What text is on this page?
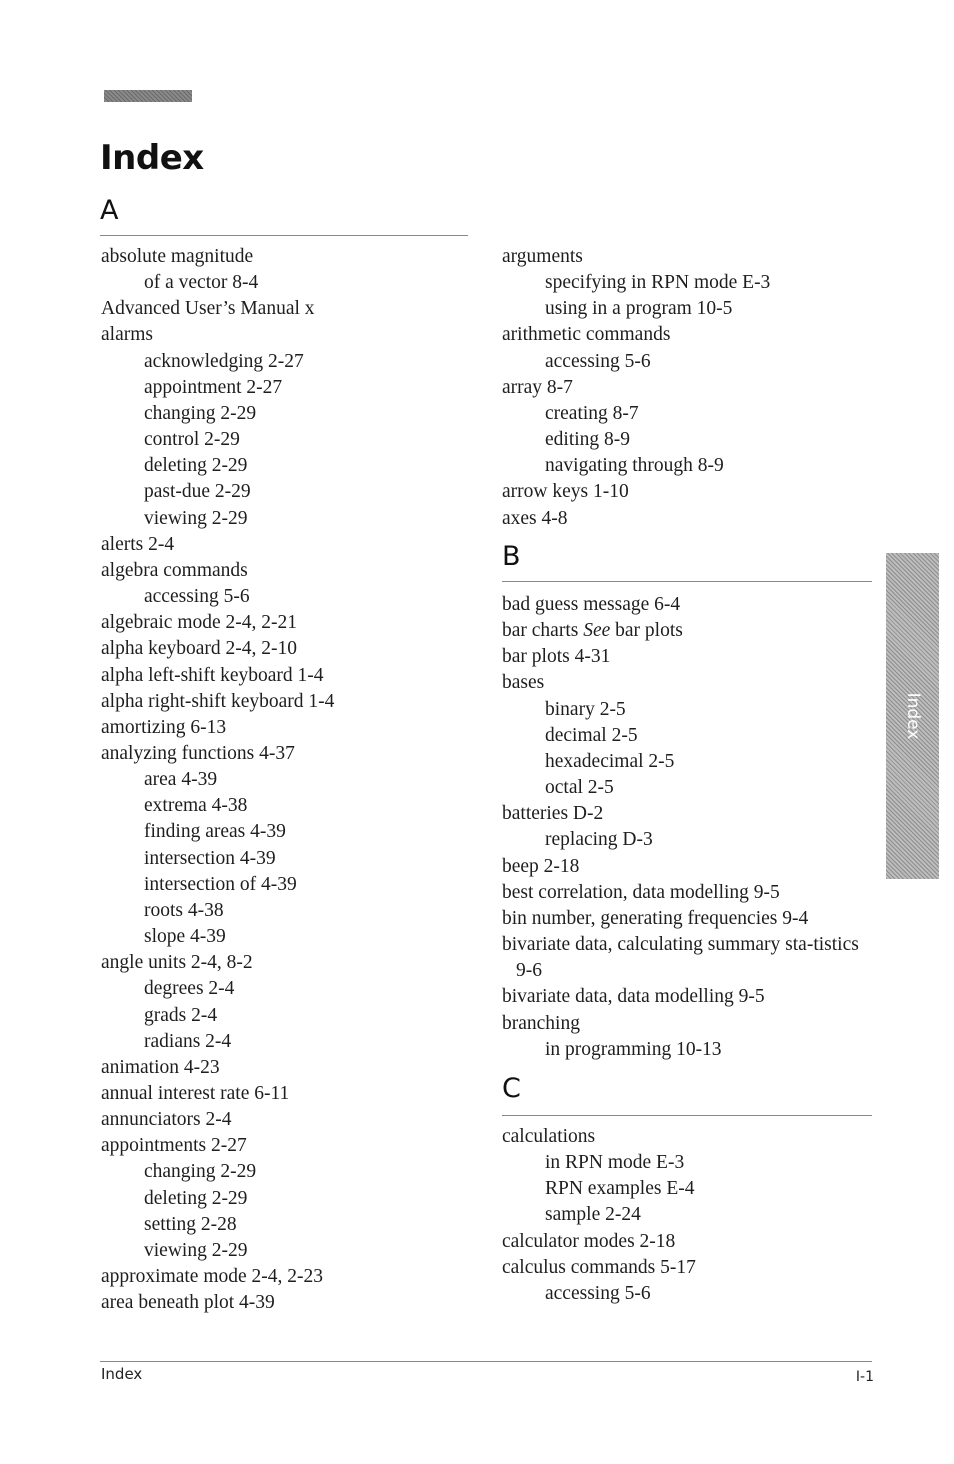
Index
A
absolute magnitude
of a vector 8-4
Advanced User’s Manual x
alarms
acknowledging 2-27
appointment 2-27
changing 2-29
control 2-29
deleting 2-29
past-due 2-29
viewing 2-29
alerts 2-4
algebra commands
accessing 5-6
algebraic mode 2-4, 2-21
alpha keyboard 2-4, 2-10
alpha left-shift keyboard 1-4
alpha right-shift keyboard 1-4
amortizing 6-13
analyzing functions 4-37
area 4-39
extrema 4-38
finding areas 4-39
intersection 4-39
intersection of 4-39
roots 4-38
slope 4-39
angle units 2-4, 8-2
degrees 2-4
grads 2-4
radians 2-4
animation 4-23
annual interest rate 6-11
annunciators 2-4
appointments 2-27
changing 2-29
deleting 2-29
setting 2-28
viewing 2-29
approximate mode 2-4, 2-23
area beneath plot 4-39
arguments
specifying in RPN mode E-3
using in a program 10-5
arithmetic commands
accessing 5-6
array 8-7
creating 8-7
editing 8-9
navigating through 8-9
arrow keys 1-10
axes 4-8
B
bad guess message 6-4
bar charts See bar plots
bar plots 4-31
bases
binary 2-5
decimal 2-5
hexadecimal 2-5
octal 2-5
batteries D-2
replacing D-3
beep 2-18
best correlation, data modelling 9-5
bin number, generating frequencies 9-4
bivariate data, calculating summary sta-tistics 9-6
bivariate data, data modelling 9-5
branching
in programming 10-13
C
calculations
in RPN mode E-3
RPN examples E-4
sample 2-24
calculator modes 2-18
calculus commands 5-17
accessing 5-6
Index
Index	I-1
